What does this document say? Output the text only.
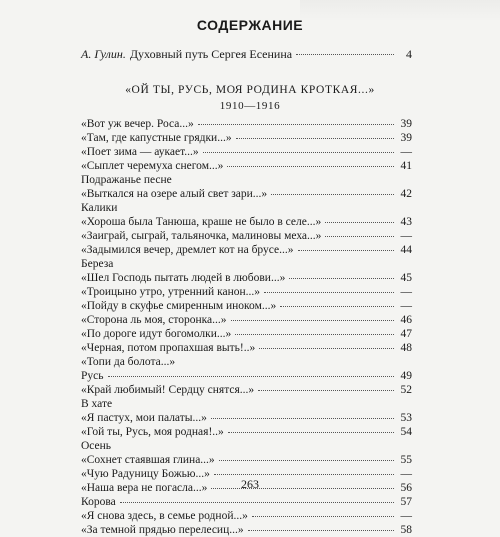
СОДЕРЖАНИЕ
А. Гулин. Духовный путь Сергея Есенина	4
«ОЙ ТЫ, РУСЬ, МОЯ РОДИНА КРОТКАЯ...»
1910—1916
«Вот уж вечер. Роса...»	39
«Там, где капустные грядки...»	39
«Поет зима — аукает...»	—
«Сыплет черемуха снегом...»	41
Подражанье песне
«Выткался на озере алый свет зари...»	42
Калики
«Хороша была Танюша, краше не было в селе...»	43
«Заиграй, сыграй, тальяночка, малиновы меха...»	—
«Задымился вечер, дремлет кот на брусе...»	44
Береза
«Шел Господь пытать людей в любови...»	45
«Троицыно утро, утренний канон...»	—
«Пойду в скуфье смиренным иноком...»	—
«Сторона ль моя, сторонка...»	46
«По дороге идут богомолки...»	47
«Черная, потом пропахшая выть!..»	48
«Топи да болота...»
Русь	49
«Край любимый! Сердцу снятся...»	52
В хате
«Я пастух, мои палаты...»	53
«Гой ты, Русь, моя родная!..»	54
Осень
«Сохнет стаявшая глина...»	55
«Чую Радуницу Божью...»	—
«Наша вера не погасла...»	56
Корова	57
«Я снова здесь, в семье родной...»	—
«За темной прядью перелесиц...»	58
263
